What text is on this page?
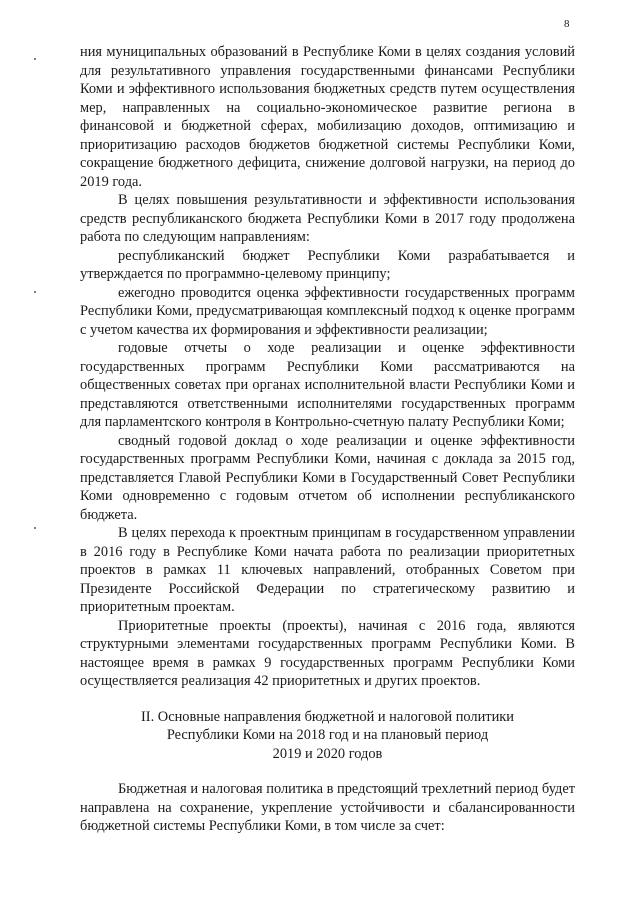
8

ния муниципальных образований в Республике Коми в целях создания условий для результативного управления государственными финансами Республики Коми и эффективного использования бюджетных средств путем осуществления мер, направленных на социально-экономическое развитие региона в финансовой и бюджетной сферах, мобилизацию доходов, оптимизацию и приоритизацию расходов бюджетов бюджетной системы Республики Коми, сокращение бюджетного дефицита, снижение долговой нагрузки, на период до 2019 года.

В целях повышения результативности и эффективности использования средств республиканского бюджета Республики Коми в 2017 году продолжена работа по следующим направлениям:

республиканский бюджет Республики Коми разрабатывается и утверждается по программно-целевому принципу;

ежегодно проводится оценка эффективности государственных программ Республики Коми, предусматривающая комплексный подход к оценке программ с учетом качества их формирования и эффективности реализации;

годовые отчеты о ходе реализации и оценке эффективности государственных программ Республики Коми рассматриваются на общественных советах при органах исполнительной власти Республики Коми и представляются ответственными исполнителями государственных программ для парламентского контроля в Контрольно-счетную палату Республики Коми;

сводный годовой доклад о ходе реализации и оценке эффективности государственных программ Республики Коми, начиная с доклада за 2015 год, представляется Главой Республики Коми в Государственный Совет Республики Коми одновременно с годовым отчетом об исполнении республиканского бюджета.

В целях перехода к проектным принципам в государственном управлении в 2016 году в Республике Коми начата работа по реализации приоритетных проектов в рамках 11 ключевых направлений, отобранных Советом при Президенте Российской Федерации по стратегическому развитию и приоритетным проектам.

Приоритетные проекты (проекты), начиная с 2016 года, являются структурными элементами государственных программ Республики Коми. В настоящее время в рамках 9 государственных программ Республики Коми осуществляется реализация 42 приоритетных и других проектов.

II. Основные направления бюджетной и налоговой политики
Республики Коми на 2018 год и на плановый период
2019 и 2020 годов

Бюджетная и налоговая политика в предстоящий трехлетний период будет направлена на сохранение, укрепление устойчивости и сбалансированности бюджетной системы Республики Коми, в том числе за счет:
